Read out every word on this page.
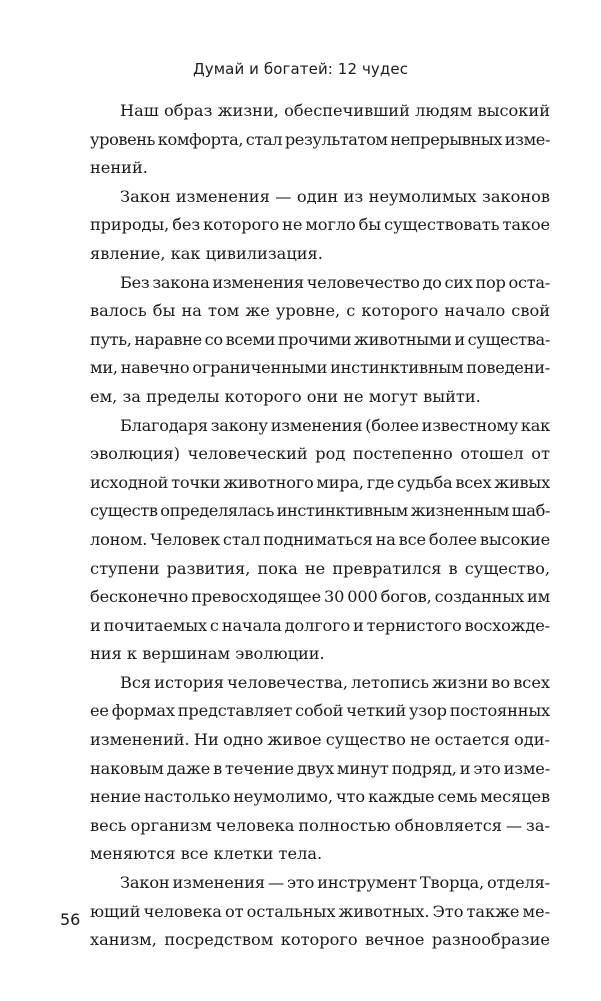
Думай и богатей: 12 чудес
Наш образ жизни, обеспечивший людям высокий
уровень комфорта, стал результатом непрерывных изме-
нений.
Закон изменения — один из неумолимых законов
природы, без которого не могло бы существовать такое
явление, как цивилизация.
Без закона изменения человечество до сих пор оста-
валось бы на том же уровне, с которого начало свой
путь, наравне со всеми прочими животными и существа-
ми, навечно ограниченными инстинктивным поведени-
ем, за пределы которого они не могут выйти.
Благодаря закону изменения (более известному как
эволюция) человеческий род постепенно отошел от
исходной точки животного мира, где судьба всех живых
существ определялась инстинктивным жизненным шаб-
лоном. Человек стал подниматься на все более высокие
ступени развития, пока не превратился в существо,
бесконечно превосходящее 30 000 богов, созданных им
и почитаемых с начала долгого и тернистого восхожде-
ния к вершинам эволюции.
Вся история человечества, летопись жизни во всех
ее формах представляет собой четкий узор постоянных
изменений. Ни одно живое существо не остается оди-
наковым даже в течение двух минут подряд, и это изме-
нение настолько неумолимо, что каждые семь месяцев
весь организм человека полностью обновляется — за-
меняются все клетки тела.
Закон изменения — это инструмент Творца, отделя-
ющий человека от остальных животных. Это также ме-
ханизм, посредством которого вечное разнообразие
56
